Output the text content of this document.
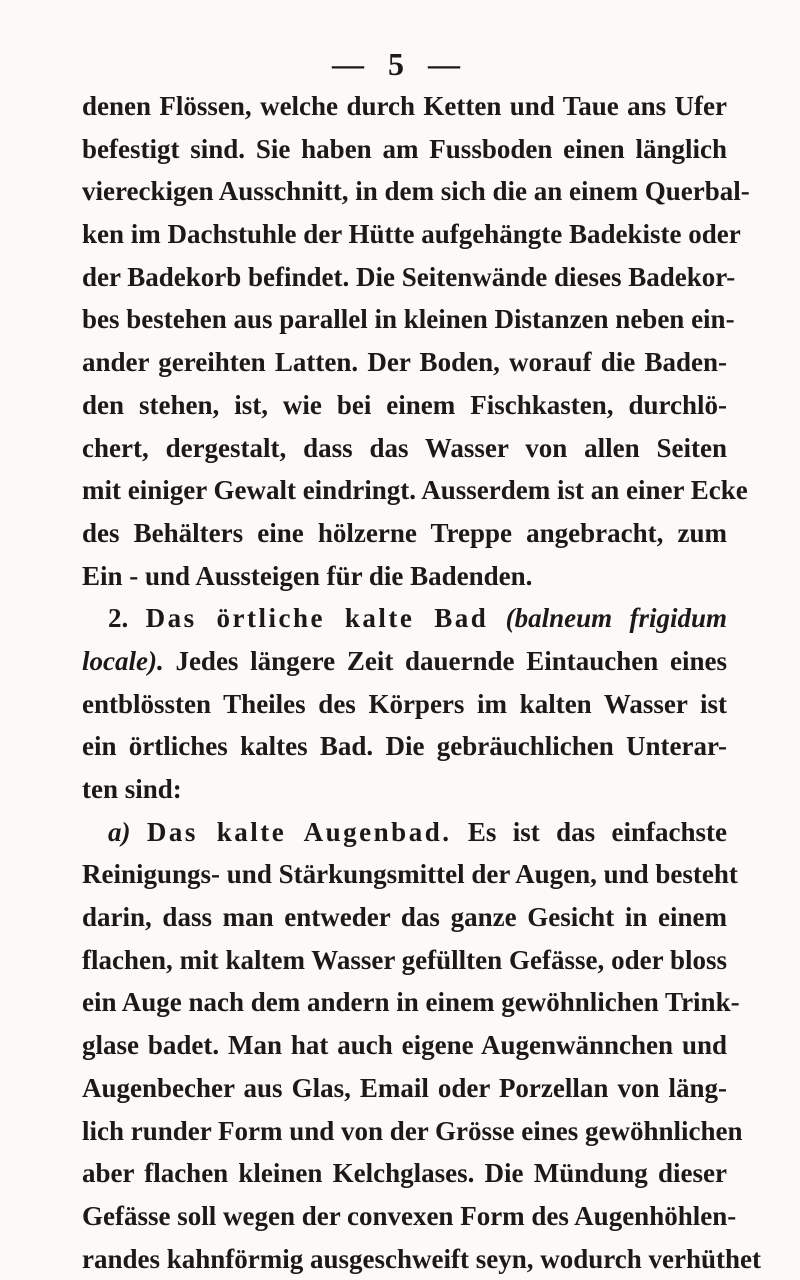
— 5 —
denen Flössen, welche durch Ketten und Taue ans Ufer
befestigt sind. Sie haben am Fussboden einen länglich
viereckigen Ausschnitt, in dem sich die an einem Querbal-
ken im Dachstuhle der Hütte aufgehängte Badekiste oder
der Badekorb befindet. Die Seitenwände dieses Badekor-
bes bestehen aus parallel in kleinen Distanzen neben ein-
ander gereihten Latten. Der Boden, worauf die Baden-
den stehen, ist, wie bei einem Fischkasten, durchlö-
chert, dergestalt, dass das Wasser von allen Seiten
mit einiger Gewalt eindringt. Ausserdem ist an einer Ecke
des Behälters eine hölzerne Treppe angebracht, zum
Ein - und Aussteigen für die Badenden.
2. Das örtliche kalte Bad (balneum frigidum
locale). Jedes längere Zeit dauernde Eintauchen eines
entblössten Theiles des Körpers im kalten Wasser ist
ein örtliches kaltes Bad. Die gebräuchlichen Unterar-
ten sind:
a) Das kalte Augenbad. Es ist das einfachste
Reinigungs- und Stärkungsmittel der Augen, und besteht
darin, dass man entweder das ganze Gesicht in einem
flachen, mit kaltem Wasser gefüllten Gefässe, oder bloss
ein Auge nach dem andern in einem gewöhnlichen Trink-
glase badet. Man hat auch eigene Augenwännchen und
Augenbecher aus Glas, Email oder Porzellan von läng-
lich runder Form und von der Grösse eines gewöhnlichen
aber flachen kleinen Kelchglases. Die Mündung dieser
Gefässe soll wegen der convexen Form des Augenhöhlen-
randes kahnförmig ausgeschweift seyn, wodurch verhüthet
